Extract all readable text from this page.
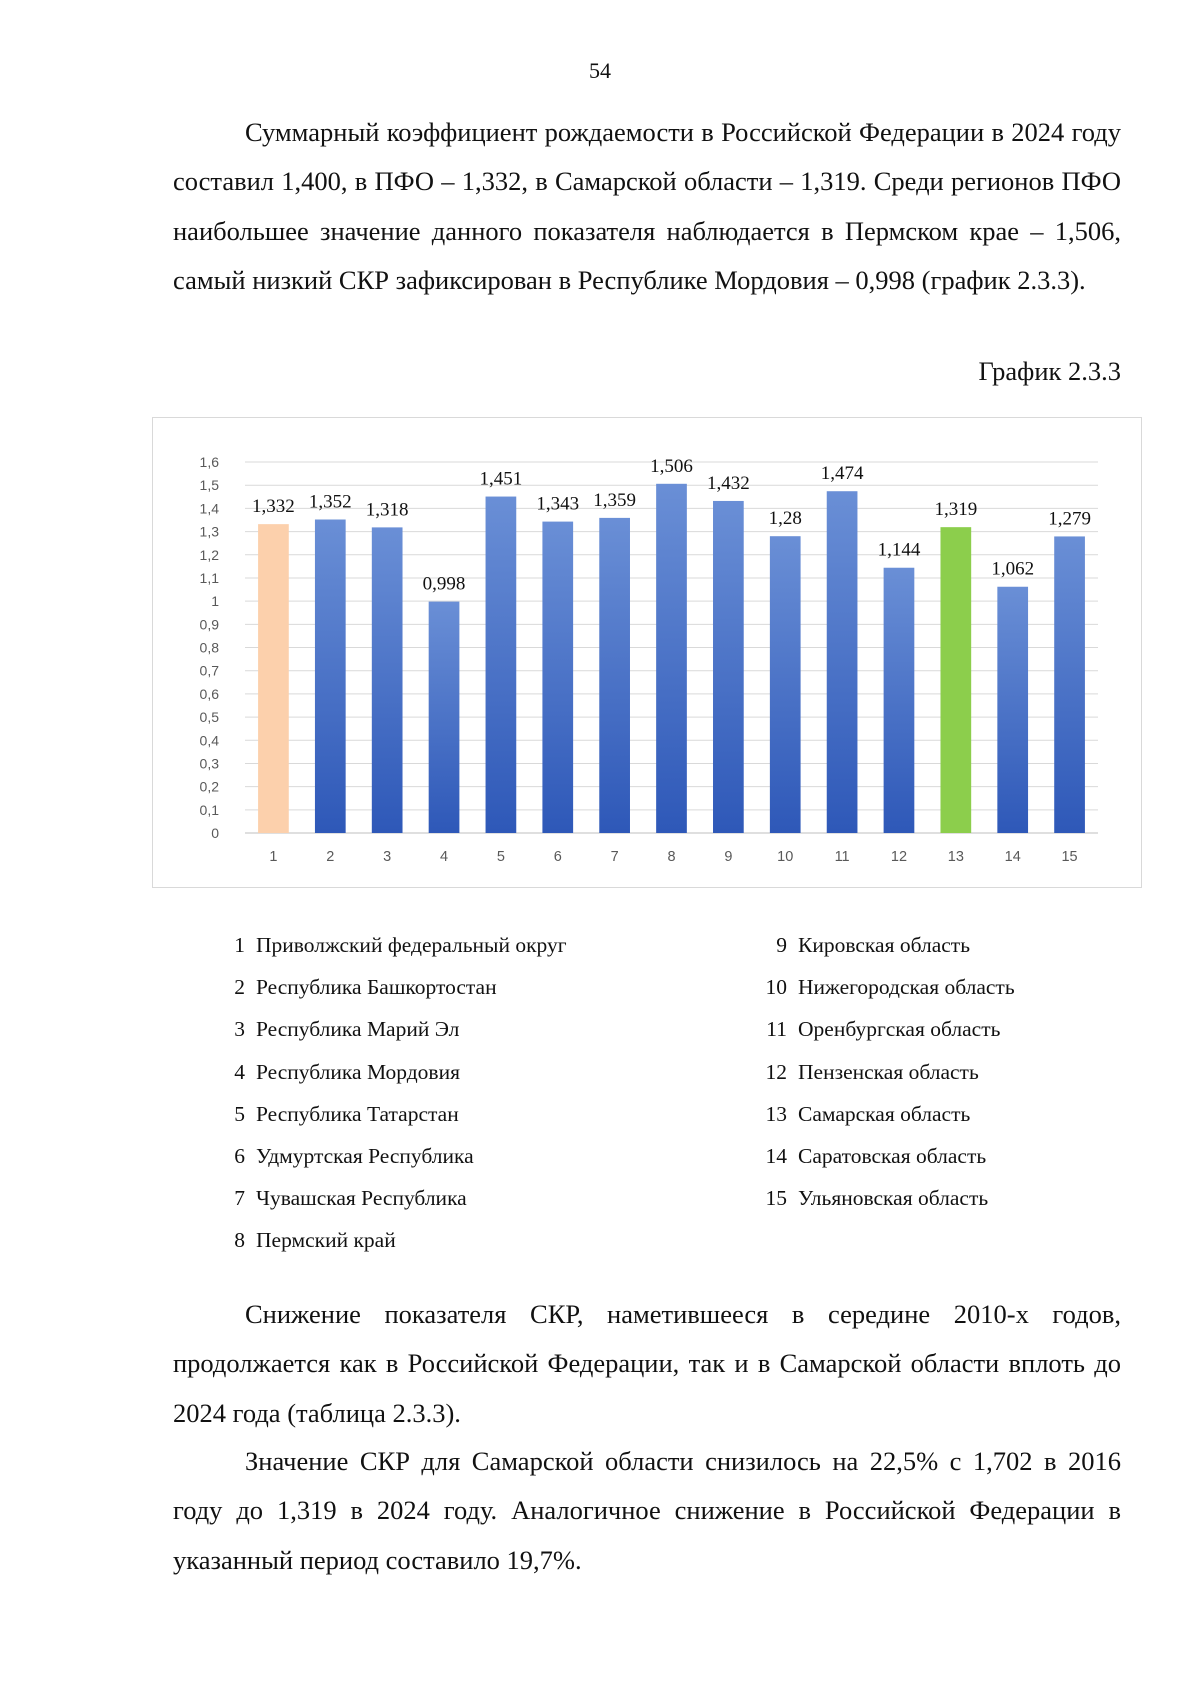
54

Суммарный коэффициент рождаемости в Российской Федерации в 2024 году составил 1,400, в ПФО – 1,332, в Самарской области – 1,319. Среди регионов ПФО наибольшее значение данного показателя наблюдается в Пермском крае – 1,506, самый низкий СКР зафиксирован в Республике Мордовия – 0,998 (график 2.3.3).

График 2.3.3
1,332 1,352 1,318
0,998
1,451
1,343 1,359
1,506
1,432
1,28
1,474
1,144
1,319
1,062
1,279
0
0,1
0,2
0,3
0,4
0,5
0,6
0,7
0,8
0,9
1
1,1
1,2
1,3
1,4
1,5
1,6
1	2	3	4	5	6	7	8	9	10	11	12	13	14	15
1 Приволжский федеральный округ
2 Республика Башкортостан
3 Республика Марий Эл
4 Республика Мордовия
5 Республика Татарстан
6 Удмуртская Республика
7 Чувашская Республика
8 Пермский край
9 Кировская область
10 Нижегородская область
11 Оренбургская область
12 Пензенская область
13 Самарская область
14 Саратовская область
15 Ульяновская область

Снижение показателя СКР, наметившееся в середине 2010-х годов, продолжается как в Российской Федерации, так и в Самарской области вплоть до 2024 года (таблица 2.3.3).

Значение СКР для Самарской области снизилось на 22,5% с 1,702 в 2016 году до 1,319 в 2024 году. Аналогичное снижение в Российской Федерации в указанный период составило 19,7%.
